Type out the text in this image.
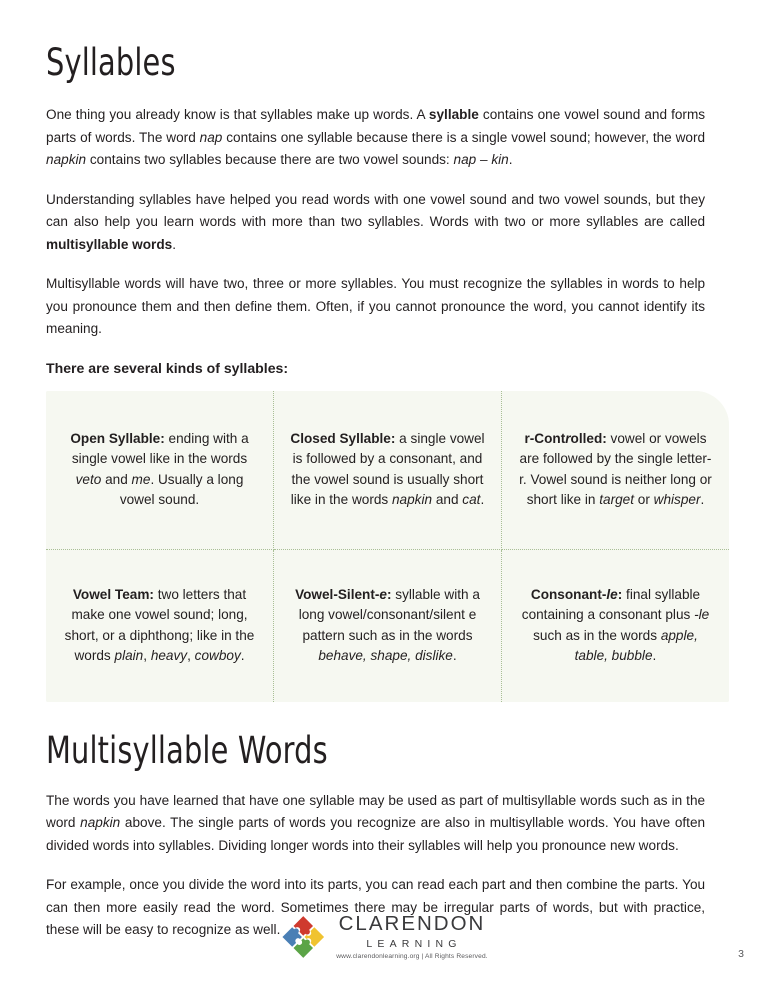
Syllables

One thing you already know is that syllables make up words. A syllable contains one vowel sound and forms parts of words. The word nap contains one syllable because there is a single vowel sound; however, the word napkin contains two syllables because there are two vowel sounds: nap – kin.

Understanding syllables have helped you read words with one vowel sound and two vowel sounds, but they can also help you learn words with more than two syllables. Words with two or more syllables are called multisyllable words.

Multisyllable words will have two, three or more syllables. You must recognize the syllables in words to help you pronounce them and then define them. Often, if you cannot pronounce the word, you cannot identify its meaning.

There are several kinds of syllables:

Open Syllable: ending with a single vowel like in the words veto and me. Usually a long vowel sound.	Closed Syllable: a single vowel is followed by a consonant, and the vowel sound is usually short like in the words napkin and cat.	r-Controlled: vowel or vowels are followed by the single letter-r. Vowel sound is neither long or short like in target or whisper.
Vowel Team: two letters that make one vowel sound; long, short, or a diphthong; like in the words plain, heavy, cowboy.	Vowel-Silent-e: syllable with a long vowel/consonant/silent e pattern such as in the words behave, shape, dislike.	Consonant-le: final syllable containing a consonant plus -le such as in the words apple, table, bubble.
Multisyllable Words

The words you have learned that have one syllable may be used as part of multisyllable words such as in the word napkin above. The single parts of words you recognize are also in multisyllable words. You have often divided words into syllables. Dividing longer words into their syllables will help you pronounce new words.

For example, once you divide the word into its parts, you can read each part and then combine the parts. You can then more easily read the word. Sometimes there may be irregular parts of words, but with practice, these will be easy to recognize as well.	CLARENDON
LEARNING
www.clarendonlearning.org | All Rights Reserved.	3
